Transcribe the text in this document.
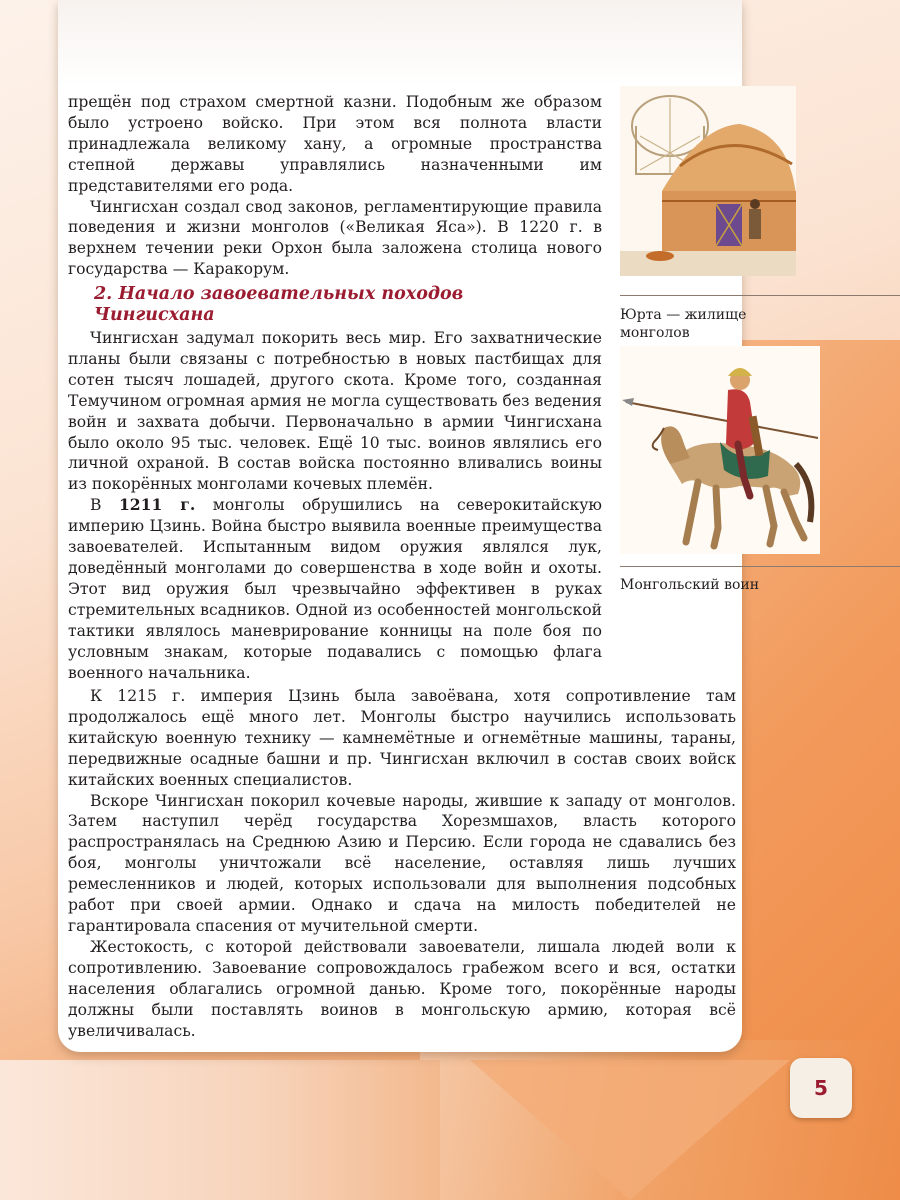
прещён под страхом смертной казни. Подобным же образом было устроено войско. При этом вся полнота власти принадлежала великому хану, а огромные пространства степной державы управлялись назначенными им представителями его рода.

Чингисхан создал свод законов, регламентирующие правила поведения и жизни монголов («Великая Яса»). В 1220 г. в верхнем течении реки Орхон была заложена столица нового государства — Каракорум.

2. Начало завоевательных походов
Чингисхана

Чингисхан задумал покорить весь мир. Его захватнические планы были связаны с потребностью в новых пастбищах для сотен тысяч лошадей, другого скота. Кроме того, созданная Темучином огромная армия не могла существовать без ведения войн и захвата добычи. Первоначально в армии Чингисхана было около 95 тыс. человек. Ещё 10 тыс. воинов являлись его личной охраной. В состав войска постоянно вливались воины из покорённых монголами кочевых племён.

В 1211 г. монголы обрушились на северокитайскую империю Цзинь. Война быстро выявила военные преимущества завоевателей. Испытанным видом оружия являлся лук, доведённый монголами до совершенства в ходе войн и охоты. Этот вид оружия был чрезвычайно эффективен в руках стремительных всадников. Одной из особенностей монгольской тактики являлось маневрирование конницы на поле боя по условным знакам, которые подавались с помощью флага военного начальника.

К 1215 г. империя Цзинь была завоёвана, хотя сопротивление там продолжалось ещё много лет. Монголы быстро научились использовать китайскую военную технику — камнемётные и огнемётные машины, тараны, передвижные осадные башни и пр. Чингисхан включил в состав своих войск китайских военных специалистов.

Вскоре Чингисхан покорил кочевые народы, жившие к западу от монголов. Затем наступил черёд государства Хорезмшахов, власть которого распространялась на Среднюю Азию и Персию. Если города не сдавались без боя, монголы уничтожали всё население, оставляя лишь лучших ремесленников и людей, которых использовали для выполнения подсобных работ при своей армии. Однако и сдача на милость победителей не гарантировала спасения от мучительной смерти.

Жестокость, с которой действовали завоеватели, лишала людей воли к сопротивлению. Завоевание сопровождалось грабежом всего и вся, остатки населения облагались огромной данью. Кроме того, покорённые народы должны были поставлять воинов в монгольскую армию, которая всё увеличивалась.

Юрта — жилище
монголов
Монгольский воин
5
